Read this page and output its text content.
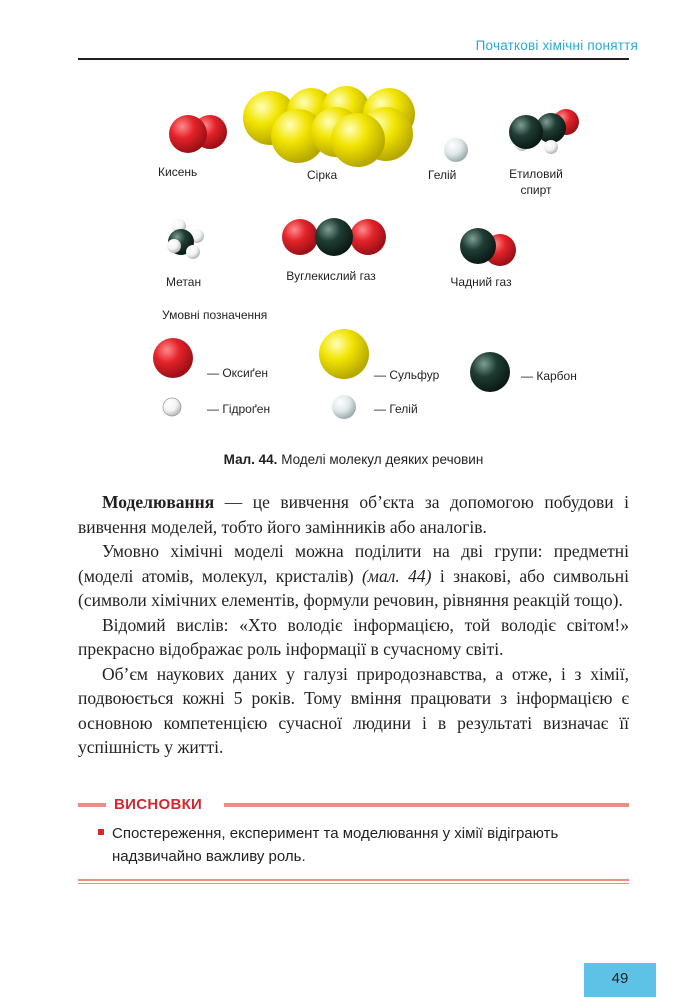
Початкові хімічні поняття
Кисень	Сірка	Гелій	Етиловий спирт
Метан	Вуглекислий газ	Чадний газ
Умовні позначення
— Оксиґен	— Сульфур	— Карбон
— Гідроґен	— Гелій
Мал. 44. Моделі молекул деяких речовин

Моделювання — це вивчення об’єкта за допомогою побудови і вивчення моделей, тобто його замінників або аналогів.

Умовно хімічні моделі можна поділити на дві групи: предметні (моделі атомів, молекул, кристалів) (мал. 44) і знакові, або символьні (символи хімічних елементів, формули речовин, рівняння реакцій тощо).

Відомий вислів: «Хто володіє інформацією, той володіє світом!» прекрасно відображає роль інформації в сучасному світі.

Об’єм наукових даних у галузі природознавства, а отже, і з хімії, подвоюється кожні 5 років. Тому вміння працювати з інформацією є основною компетенцією сучасної людини і в результаті визначає її успішність у житті.

ВИСНОВКИ
Спостереження, експеримент та моделювання у хімії відіграють надзвичайно важливу роль.
49
